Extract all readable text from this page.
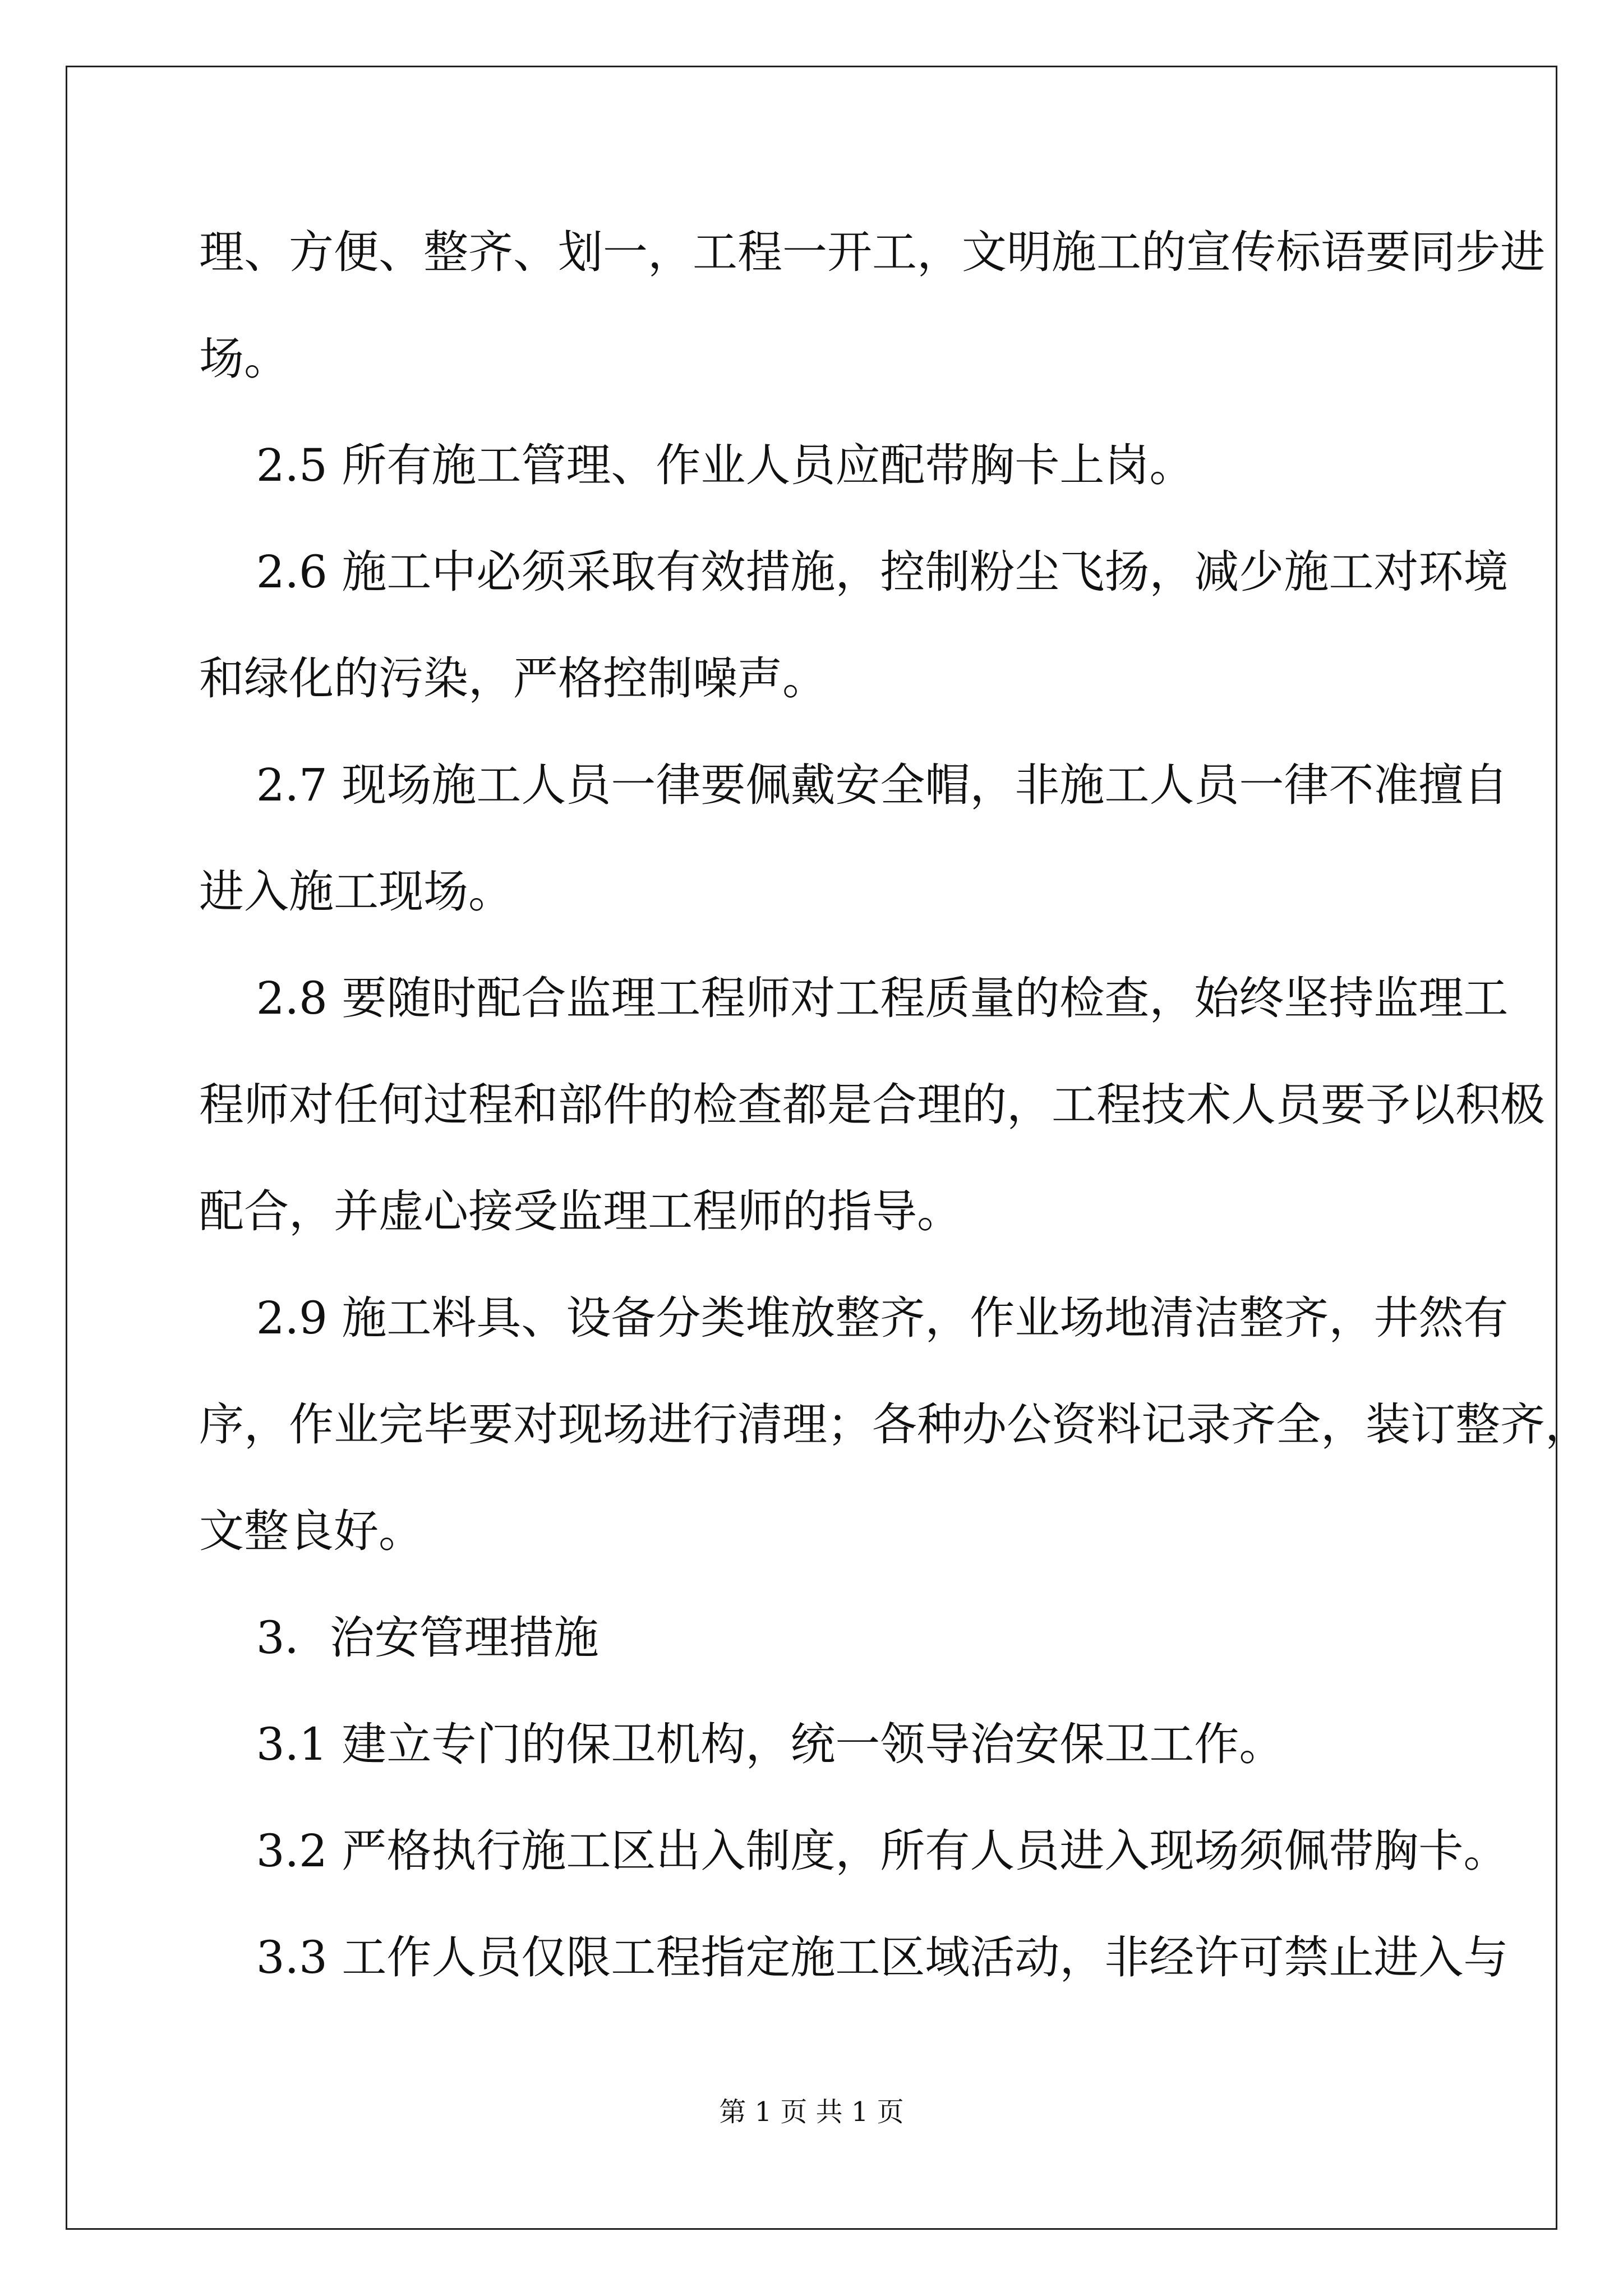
理、方便、整齐、划一，工程一开工，文明施工的宣传标语要同步进
场。
2.5 所有施工管理、作业人员应配带胸卡上岗。
2.6 施工中必须采取有效措施，控制粉尘飞扬，减少施工对环境
和绿化的污染，严格控制噪声。
2.7 现场施工人员一律要佩戴安全帽，非施工人员一律不准擅自
进入施工现场。
2.8 要随时配合监理工程师对工程质量的检查，始终坚持监理工
程师对任何过程和部件的检查都是合理的，工程技术人员要予以积极
配合，并虚心接受监理工程师的指导。
2.9 施工料具、设备分类堆放整齐，作业场地清洁整齐，井然有
序，作业完毕要对现场进行清理；各种办公资料记录齐全，装订整齐，
文整良好。
3．治安管理措施
3.1 建立专门的保卫机构，统一领导治安保卫工作。
3.2 严格执行施工区出入制度，所有人员进入现场须佩带胸卡。
3.3 工作人员仅限工程指定施工区域活动，非经许可禁止进入与
第 1 页 共 1 页
